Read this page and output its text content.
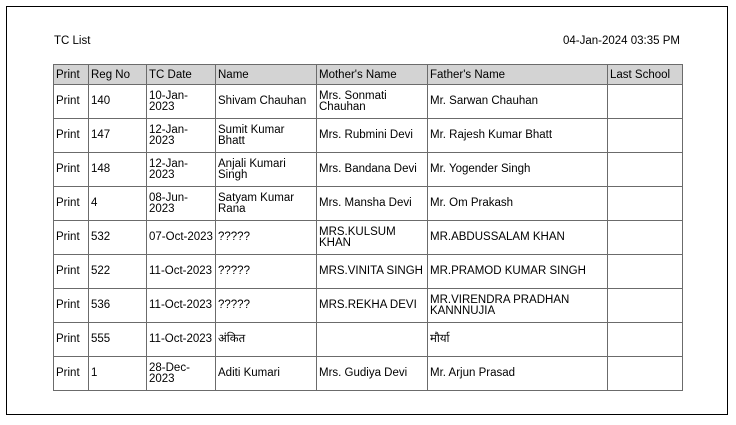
TC List	04-Jan-2024 03:35 PM
Print	Reg No	TC Date	Name	Mother's Name	Father's Name	Last School
Print	140	10-Jan-2023	Shivam Chauhan	Mrs. Sonmati Chauhan	Mr. Sarwan Chauhan	
Print	147	12-Jan-2023	Sumit Kumar Bhatt	Mrs. Rubmini Devi	Mr. Rajesh Kumar Bhatt	
Print	148	12-Jan-2023	Anjali Kumari Singh	Mrs. Bandana Devi	Mr. Yogender Singh	
Print	4	08-Jun-2023	Satyam Kumar Rana	Mrs. Mansha Devi	Mr. Om Prakash	
Print	532	07-Oct-2023	?????	MRS.KULSUM KHAN	MR.ABDUSSALAM KHAN	
Print	522	11-Oct-2023	?????	MRS.VINITA SINGH	MR.PRAMOD KUMAR SINGH	
Print	536	11-Oct-2023	?????	MRS.REKHA DEVI	MR.VIRENDRA PRADHAN KANNNUJIA	
Print	555	11-Oct-2023	अंकित		मौर्या	
Print	1	28-Dec-2023	Aditi Kumari	Mrs. Gudiya Devi	Mr. Arjun Prasad	
